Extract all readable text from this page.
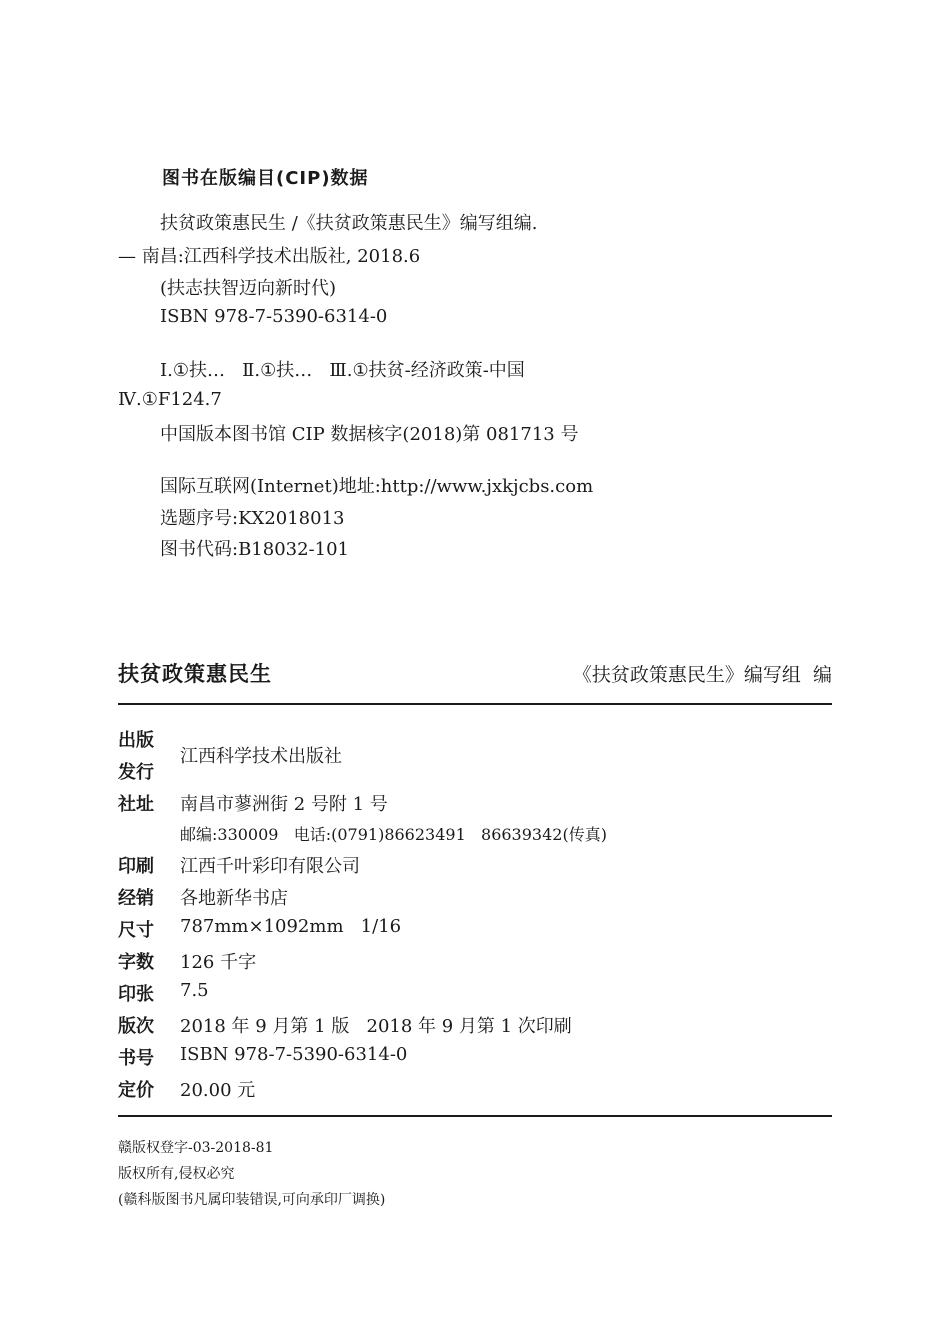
图书在版编目(CIP)数据
扶贫政策惠民生 /《扶贫政策惠民生》编写组编.
— 南昌:江西科学技术出版社, 2018.6
(扶志扶智迈向新时代)
ISBN 978-7-5390-6314-0
Ⅰ.①扶…   Ⅱ.①扶…   Ⅲ.①扶贫-经济政策-中国
Ⅳ.①F124.7
中国版本图书馆 CIP 数据核字(2018)第 081713 号
国际互联网(Internet)地址:http://www.jxkjcbs.com
选题序号:KX2018013
图书代码:B18032-101
扶贫政策惠民生	《扶贫政策惠民生》编写组  编
出版
发行
江西科学技术出版社
社址 南昌市蓼洲街 2 号附 1 号
邮编:330009   电话:(0791)86623491   86639342(传真)
印刷 江西千叶彩印有限公司
经销 各地新华书店
尺寸 787mm×1092mm   1/16
字数 126 千字
印张 7.5
版次 2018 年 9 月第 1 版   2018 年 9 月第 1 次印刷
书号 ISBN 978-7-5390-6314-0
定价 20.00 元
赣版权登字-03-2018-81
版权所有,侵权必究
(赣科版图书凡属印装错误,可向承印厂调换)
